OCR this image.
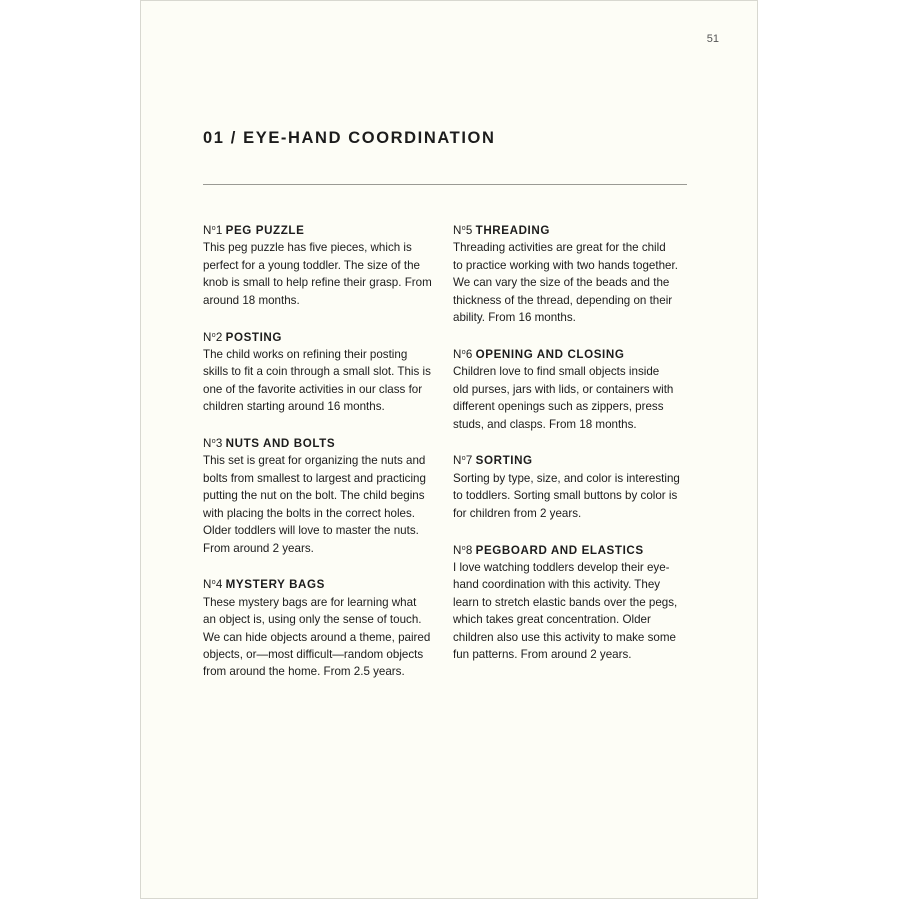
51
01 / EYE-HAND COORDINATION

$N^o1$ PEG PUZZLE

This peg puzzle has five pieces, which is
perfect for a young toddler. The size of the
knob is small to help refine their grasp. From
around 18 months.

$N^o2$ POSTING

The child works on refining their posting
skills to fit a coin through a small slot. This is
one of the favorite activities in our class for
children starting around 16 months.

$N^o3$ NUTS AND BOLTS

This set is great for organizing the nuts and
bolts from smallest to largest and practicing
putting the nut on the bolt. The child begins
with placing the bolts in the correct holes.
Older toddlers will love to master the nuts.
From around 2 years.

$N^o4$ MYSTERY BAGS

These mystery bags are for learning what
an object is, using only the sense of touch.
We can hide objects around a theme, paired
objects, or—most difficult—random objects
from around the home. From 2.5 years.

$N^o5$ THREADING

Threading activities are great for the child
to practice working with two hands together.
We can vary the size of the beads and the
thickness of the thread, depending on their
ability. From 16 months.

$N^o6$ OPENING AND CLOSING

Children love to find small objects inside
old purses, jars with lids, or containers with
different openings such as zippers, press
studs, and clasps. From 18 months.

$N^o7$ SORTING

Sorting by type, size, and color is interesting
to toddlers. Sorting small buttons by color is
for children from 2 years.

$N^o8$ PEGBOARD AND ELASTICS

I love watching toddlers develop their eye-
hand coordination with this activity. They
learn to stretch elastic bands over the pegs,
which takes great concentration. Older
children also use this activity to make some
fun patterns. From around 2 years.
